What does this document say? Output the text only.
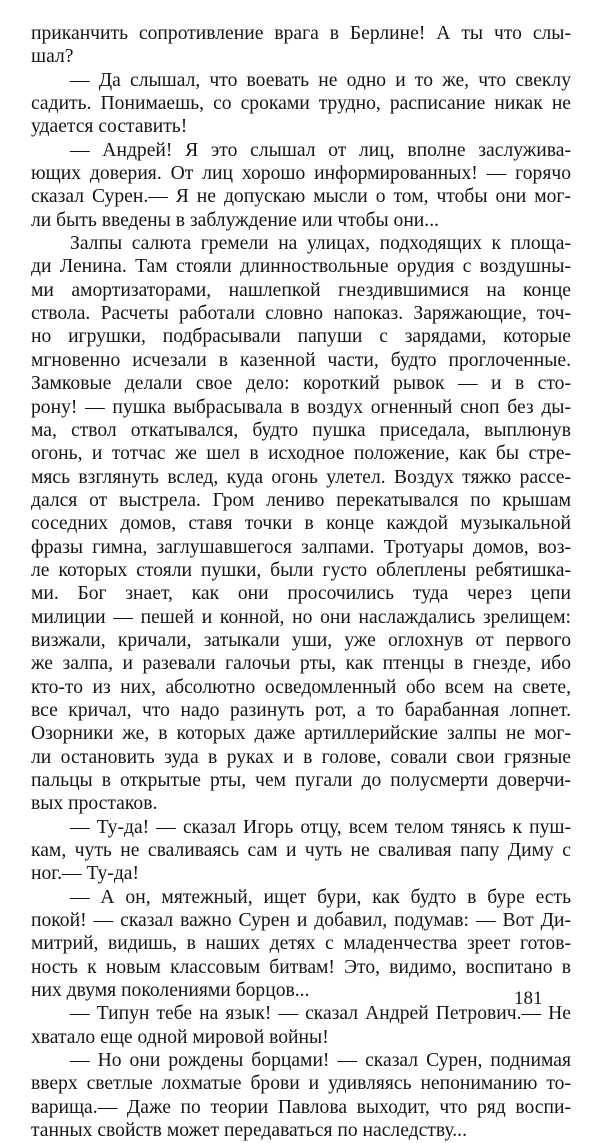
приканчить сопротивление врага в Берлине! А ты что слы-
шал?
— Да слышал, что воевать не одно и то же, что свеклу
садить. Понимаешь, со сроками трудно, расписание никак не
удается составить!
— Андрей! Я это слышал от лиц, вполне заслужива-
ющих доверия. От лиц хорошо информированных! — горячо
сказал Сурен.— Я не допускаю мысли о том, чтобы они мог-
ли быть введены в заблуждение или чтобы они...
Залпы салюта гремели на улицах, подходящих к площа-
ди Ленина. Там стояли длинноствольные орудия с воздушны-
ми амортизаторами, нашлепкой гнездившимися на конце
ствола. Расчеты работали словно напоказ. Заряжающие, точ-
но игрушки, подбрасывали папуши с зарядами, которые
мгновенно исчезали в казенной части, будто проглоченные.
Замковые делали свое дело: короткий рывок — и в сто-
рону! — пушка выбрасывала в воздух огненный сноп без ды-
ма, ствол откатывался, будто пушка приседала, выплюнув
огонь, и тотчас же шел в исходное положение, как бы стре-
мясь взглянуть вслед, куда огонь улетел. Воздух тяжко рассе-
дался от выстрела. Гром лениво перекатывался по крышам
соседних домов, ставя точки в конце каждой музыкальной
фразы гимна, заглушавшегося залпами. Тротуары домов, воз-
ле которых стояли пушки, были густо облеплены ребятишка-
ми. Бог знает, как они просочились туда через цепи
милиции — пешей и конной, но они наслаждались зрелищем:
визжали, кричали, затыкали уши, уже оглохнув от первого
же залпа, и разевали галочьи рты, как птенцы в гнезде, ибо
кто-то из них, абсолютно осведомленный обо всем на свете,
все кричал, что надо разинуть рот, а то барабанная лопнет.
Озорники же, в которых даже артиллерийские залпы не мог-
ли остановить зуда в руках и в голове, совали свои грязные
пальцы в открытые рты, чем пугали до полусмерти доверчи-
вых простаков.
— Ту-да! — сказал Игорь отцу, всем телом тянясь к пуш-
кам, чуть не сваливаясь сам и чуть не сваливая папу Диму с
ног.— Ту-да!
— А он, мятежный, ищет бури, как будто в буре есть
покой! — сказал важно Сурен и добавил, подумав: — Вот Ди-
митрий, видишь, в наших детях с младенчества зреет готов-
ность к новым классовым битвам! Это, видимо, воспитано в
них двумя поколениями борцов...
— Типун тебе на язык! — сказал Андрей Петрович.— Не
хватало еще одной мировой войны!
— Но они рождены борцами! — сказал Сурен, поднимая
вверх светлые лохматые брови и удивляясь непониманию то-
варища.— Даже по теории Павлова выходит, что ряд воспи-
танных свойств может передаваться по наследству...
181
